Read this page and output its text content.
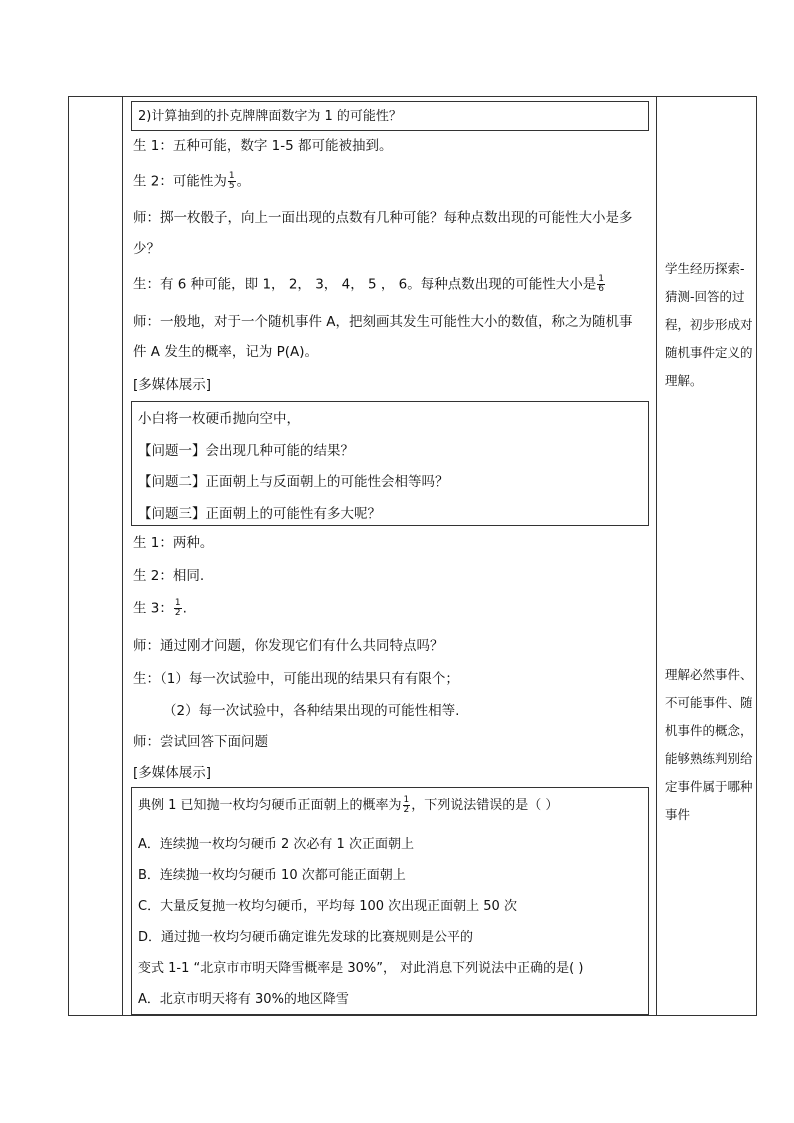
2)计算抽到的扑克牌牌面数字为 1 的可能性？
生 1：五种可能，数字 1-5 都可能被抽到。
生 2：可能性为 $\frac{1}{5}$ 。
师：掷一枚骰子，向上一面出现的点数有几种可能？每种点数出现的可能性大小是多
少？
生：有 6 种可能，即 1， 2， 3， 4， 5 ， 6。每种点数出现的可能性大小是 $\frac{1}{6}$
师：一般地，对于一个随机事件 A，把刻画其发生可能性大小的数值，称之为随机事
件 A 发生的概率，记为 P(A)。
[多媒体展示]
小白将一枚硬币抛向空中，
【问题一】会出现几种可能的结果？
【问题二】正面朝上与反面朝上的可能性会相等吗？
【问题三】正面朝上的可能性有多大呢？
生 1：两种。
生 2：相同.
生 3： $\frac{1}{2}$ .
师：通过刚才问题，你发现它们有什么共同特点吗？
生：（1）每一次试验中，可能出现的结果只有有限个；
（2）每一次试验中，各种结果出现的可能性相等.
师：尝试回答下面问题
[多媒体展示]
典例 1 已知抛一枚均匀硬币正面朝上的概率为 $\frac{1}{2}$ ，下列说法错误的是（ ）
A．连续抛一枚均匀硬币 2 次必有 1 次正面朝上
B．连续抛一枚均匀硬币 10 次都可能正面朝上
C．大量反复抛一枚均匀硬币，平均每 100 次出现正面朝上 50 次
D．通过抛一枚均匀硬币确定谁先发球的比赛规则是公平的
变式 1-1 “北京市市明天降雪概率是 30%”， 对此消息下列说法中正确的是( )
A．北京市明天将有 30%的地区降雪
学生经历探索-
猜测-回答的过
程，初步形成对
随机事件定义的
理解。
理解必然事件、
不可能事件、随
机事件的概念，
能够熟练判别给
定事件属于哪种
事件
